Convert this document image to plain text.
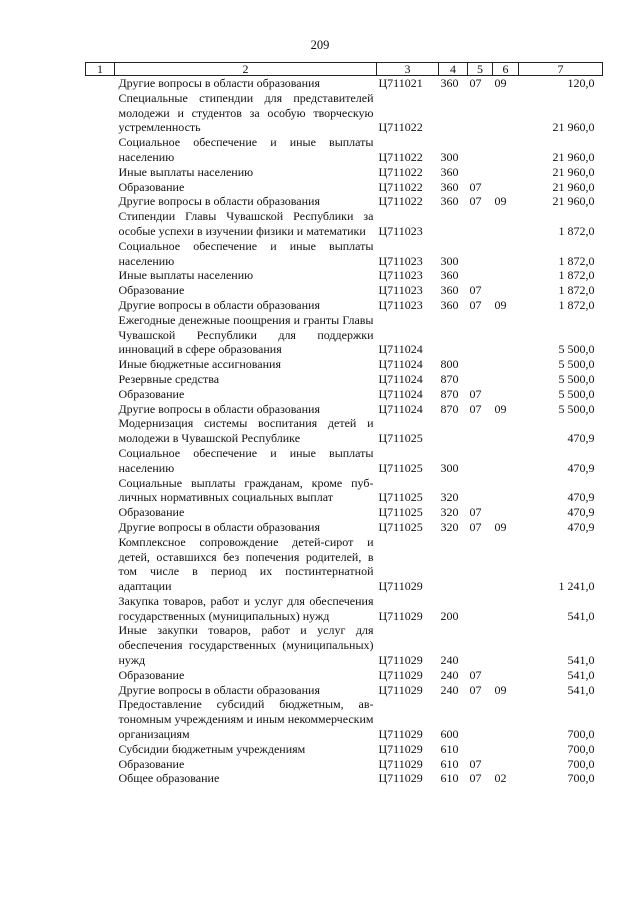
209
1	2	3	4	5	6	7
	Другие вопросы в области образования	Ц711021	360	07	09	120,0
	Специальные стипендии для представителей молодежи и студентов за особую творческую устремленность	Ц711022				21 960,0
	Социальное обеспечение и иные выплаты населению	Ц711022	300			21 960,0
	Иные выплаты населению	Ц711022	360			21 960,0
	Образование	Ц711022	360	07		21 960,0
	Другие вопросы в области образования	Ц711022	360	07	09	21 960,0
	Стипендии Главы Чувашской Республики за особые успехи в изучении физики и математики	Ц711023				1 872,0
	Социальное обеспечение и иные выплаты населению	Ц711023	300			1 872,0
	Иные выплаты населению	Ц711023	360			1 872,0
	Образование	Ц711023	360	07		1 872,0
	Другие вопросы в области образования	Ц711023	360	07	09	1 872,0
	Ежегодные денежные поощрения и гранты Главы Чувашской Республики для поддержки инноваций в сфере образования	Ц711024				5 500,0
	Иные бюджетные ассигнования	Ц711024	800			5 500,0
	Резервные средства	Ц711024	870			5 500,0
	Образование	Ц711024	870	07		5 500,0
	Другие вопросы в области образования	Ц711024	870	07	09	5 500,0
	Модернизация системы воспитания детей и молодежи в Чувашской Республике	Ц711025				470,9
	Социальное обеспечение и иные выплаты населению	Ц711025	300			470,9
	Социальные выплаты гражданам, кроме публичных нормативных социальных выплат	Ц711025	320			470,9
	Образование	Ц711025	320	07		470,9
	Другие вопросы в области образования	Ц711025	320	07	09	470,9
	Комплексное сопровождение детей-сирот и детей, оставшихся без попечения родителей, в том числе в период их постинтернатной адаптации	Ц711029				1 241,0
	Закупка товаров, работ и услуг для обеспечения государственных (муниципальных) нужд	Ц711029	200			541,0
	Иные закупки товаров, работ и услуг для обеспечения государственных (муниципальных) нужд	Ц711029	240			541,0
	Образование	Ц711029	240	07		541,0
	Другие вопросы в области образования	Ц711029	240	07	09	541,0
	Предоставление субсидий бюджетным, автономным учреждениям и иным некоммерческим организациям	Ц711029	600			700,0
	Субсидии бюджетным учреждениям	Ц711029	610			700,0
	Образование	Ц711029	610	07		700,0
	Общее образование	Ц711029	610	07	02	700,0
